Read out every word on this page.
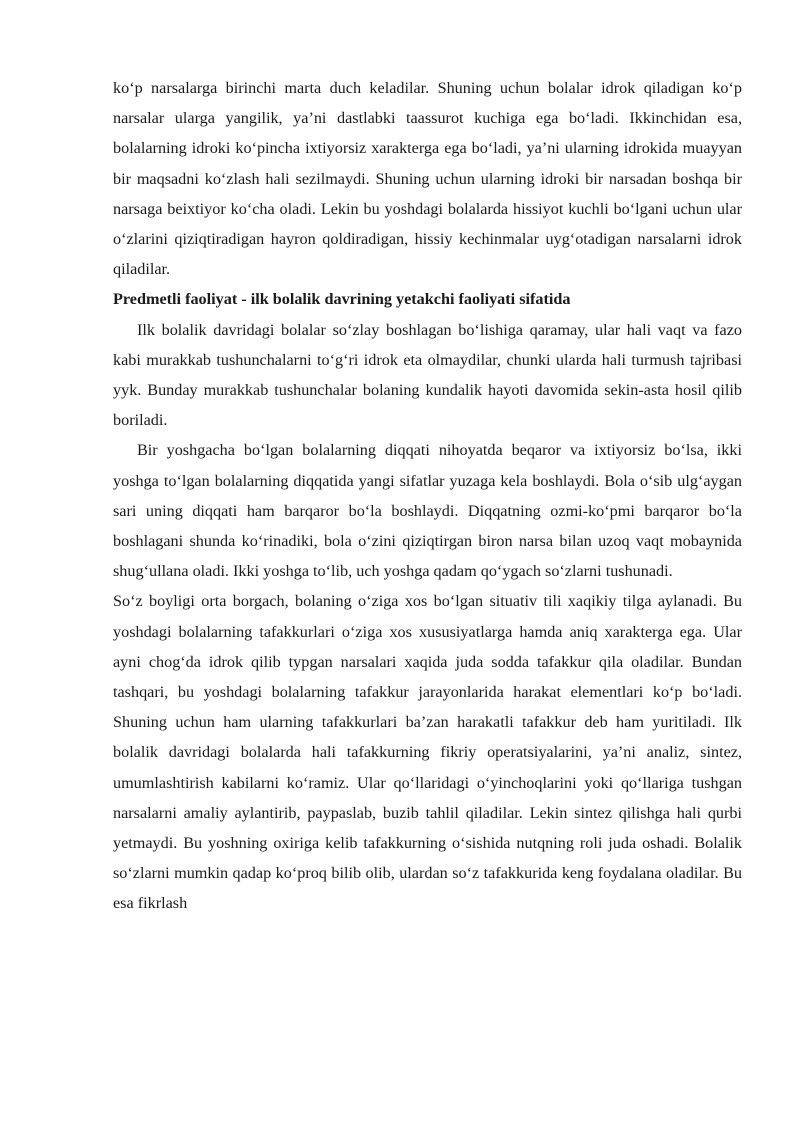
ko‘p narsalarga birinchi marta duch keladilar. Shuning uchun bolalar idrok qiladigan ko‘p narsalar ularga yangilik, ya’ni dastlabki taassurot kuchiga ega bo‘ladi. Ikkinchidan esa, bolalarning idroki ko‘pincha ixtiyorsiz xarakterga ega bo‘ladi, ya’ni ularning idrokida muayyan bir maqsadni ko‘zlash hali sezilmaydi. Shuning uchun ularning idroki bir narsadan boshqa bir narsaga beixtiyor ko‘cha oladi. Lekin bu yoshdagi bolalarda hissiyot kuchli bo‘lgani uchun ular o‘zlarini qiziqtiradigan hayron qoldiradigan, hissiy kechinmalar uyg‘otadigan narsalarni idrok qiladilar.

Predmetli faoliyat - ilk bolalik davrining yetakchi faoliyati sifatida

Ilk bolalik davridagi bolalar so‘zlay boshlagan bo‘lishiga qaramay, ular hali vaqt va fazo kabi murakkab tushunchalarni to‘g‘ri idrok eta olmaydilar, chunki ularda hali turmush tajribasi yyk. Bunday murakkab tushunchalar bolaning kundalik hayoti davomida sekin-asta hosil qilib boriladi.

Bir yoshgacha bo‘lgan bolalarning diqqati nihoyatda beqaror va ixtiyorsiz bo‘lsa, ikki yoshga to‘lgan bolalarning diqqatida yangi sifatlar yuzaga kela boshlaydi. Bola o‘sib ulg‘aygan sari uning diqqati ham barqaror bo‘la boshlaydi. Diqqatning ozmi-ko‘pmi barqaror bo‘la boshlagani shunda ko‘rinadiki, bola o‘zini qiziqtirgan biron narsa bilan uzoq vaqt mobaynida shug‘ullana oladi. Ikki yoshga to‘lib, uch yoshga qadam qo‘ygach so‘zlarni tushunadi.

So‘z boyligi orta borgach, bolaning o‘ziga xos bo‘lgan situativ tili xaqikiy tilga aylanadi. Bu yoshdagi bolalarning tafakkurlari o‘ziga xos xususiyatlarga hamda aniq xarakterga ega. Ular ayni chog‘da idrok qilib typgan narsalari xaqida juda sodda tafakkur qila oladilar. Bundan tashqari, bu yoshdagi bolalarning tafakkur jarayonlarida harakat elementlari ko‘p bo‘ladi. Shuning uchun ham ularning tafakkurlari ba’zan harakatli tafakkur deb ham yuritiladi. Ilk bolalik davridagi bolalarda hali tafakkurning fikriy operatsiyalarini, ya’ni analiz, sintez, umumlashtirish kabilarni ko‘ramiz. Ular qo‘llaridagi o‘yinchoqlarini yoki qo‘llariga tushgan narsalarni amaliy aylantirib, paypaslab, buzib tahlil qiladilar. Lekin sintez qilishga hali qurbi yetmaydi. Bu yoshning oxiriga kelib tafakkurning o‘sishida nutqning roli juda oshadi. Bolalik so‘zlarni mumkin qadap ko‘proq bilib olib, ulardan so‘z tafakkurida keng foydalana oladilar. Bu esa fikrlash
